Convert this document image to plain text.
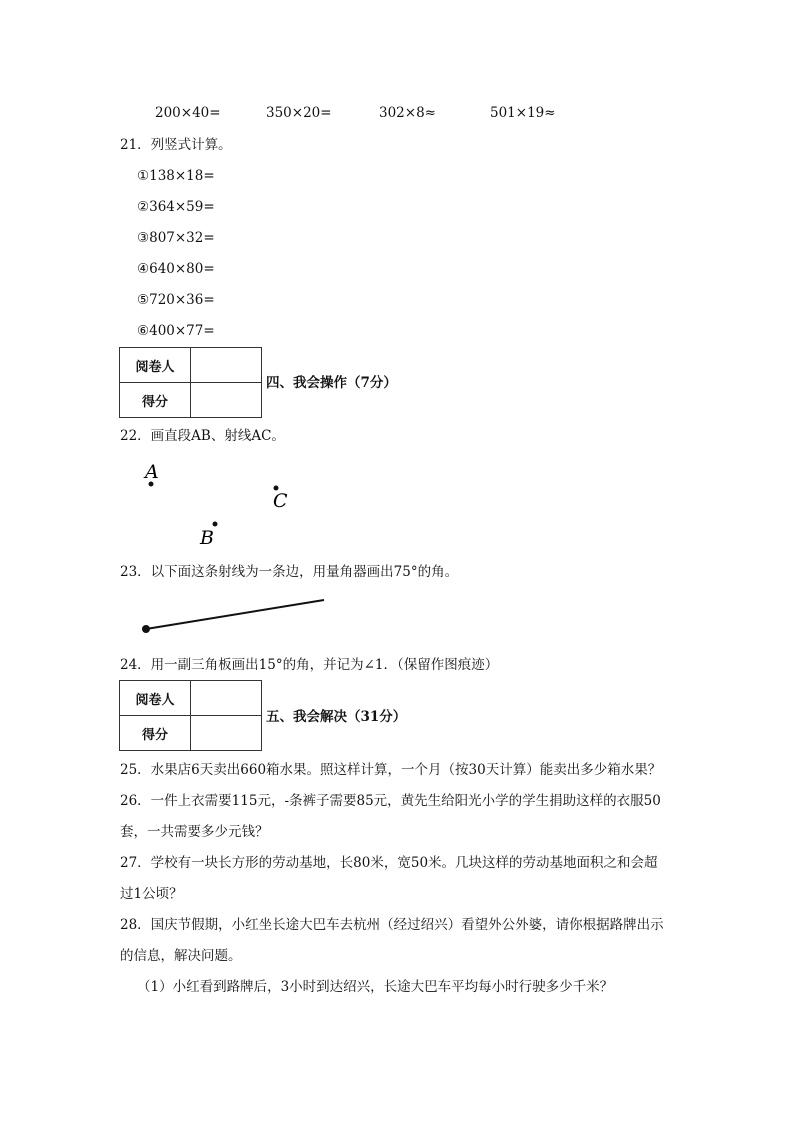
200×40=	350×20=	302×8≈	501×19≈
21．列竖式计算。
①138×18=
②364×59=
③807×32=
④640×80=
⑤720×36=
⑥400×77=
阅卷人	
得分	
四、我会操作（7分）
22．画直段AB、射线AC。
23．以下面这条射线为一条边，用量角器画出75°的角。
24．用一副三角板画出15°的角，并记为∠1．（保留作图痕迹）
阅卷人	
得分	
五、我会解决（31分）
25．水果店6天卖出660箱水果。照这样计算，一个月（按30天计算）能卖出多少箱水果？
26．一件上衣需要115元，-条裤子需要85元，黄先生给阳光小学的学生捐助这样的衣服50
套，一共需要多少元钱？
27．学校有一块长方形的劳动基地，长80米，宽50米。几块这样的劳动基地面积之和会超
过1公顷？
28．国庆节假期，小红坐长途大巴车去杭州（经过绍兴）看望外公外婆，请你根据路牌出示
的信息，解决问题。
（1）小红看到路牌后，3小时到达绍兴，长途大巴车平均每小时行驶多少千米？
A
C
B
